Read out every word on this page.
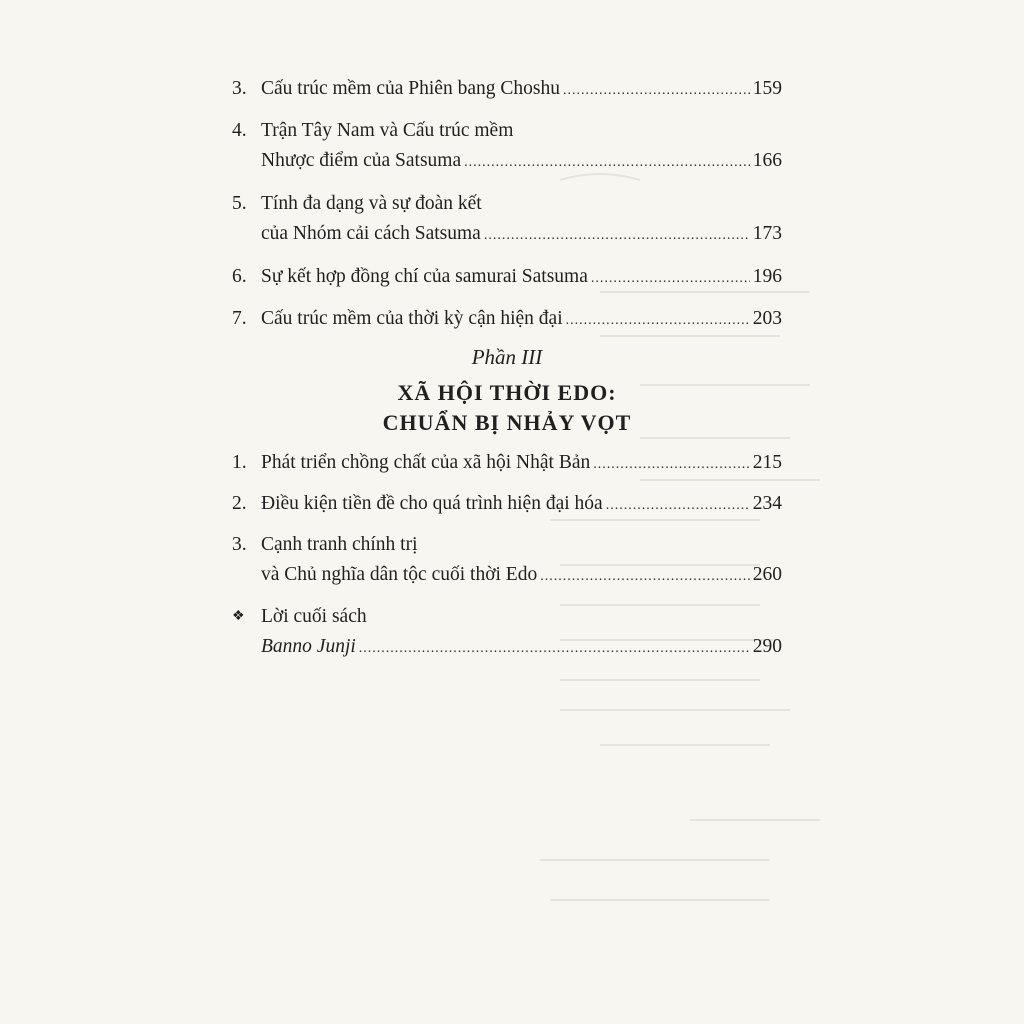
3. Cấu trúc mềm của Phiên bang Choshu .....	159
4. Trận Tây Nam và Cấu trúc mềm
Nhược điểm của Satsuma .....	166
5. Tính đa dạng và sự đoàn kết
của Nhóm cải cách Satsuma .....	173
6. Sự kết hợp đồng chí của samurai Satsuma .....	196
7. Cấu trúc mềm của thời kỳ cận hiện đại .....	203
Phần III
XÃ HỘI THỜI EDO:
CHUẨN BỊ NHẢY VỌT
1. Phát triển chồng chất của xã hội Nhật Bản .....	215
2. Điều kiện tiền đề cho quá trình hiện đại hóa .....	234
3. Cạnh tranh chính trị
và Chủ nghĩa dân tộc cuối thời Edo .....	260
❖ Lời cuối sách
Banno Junji .....	290
